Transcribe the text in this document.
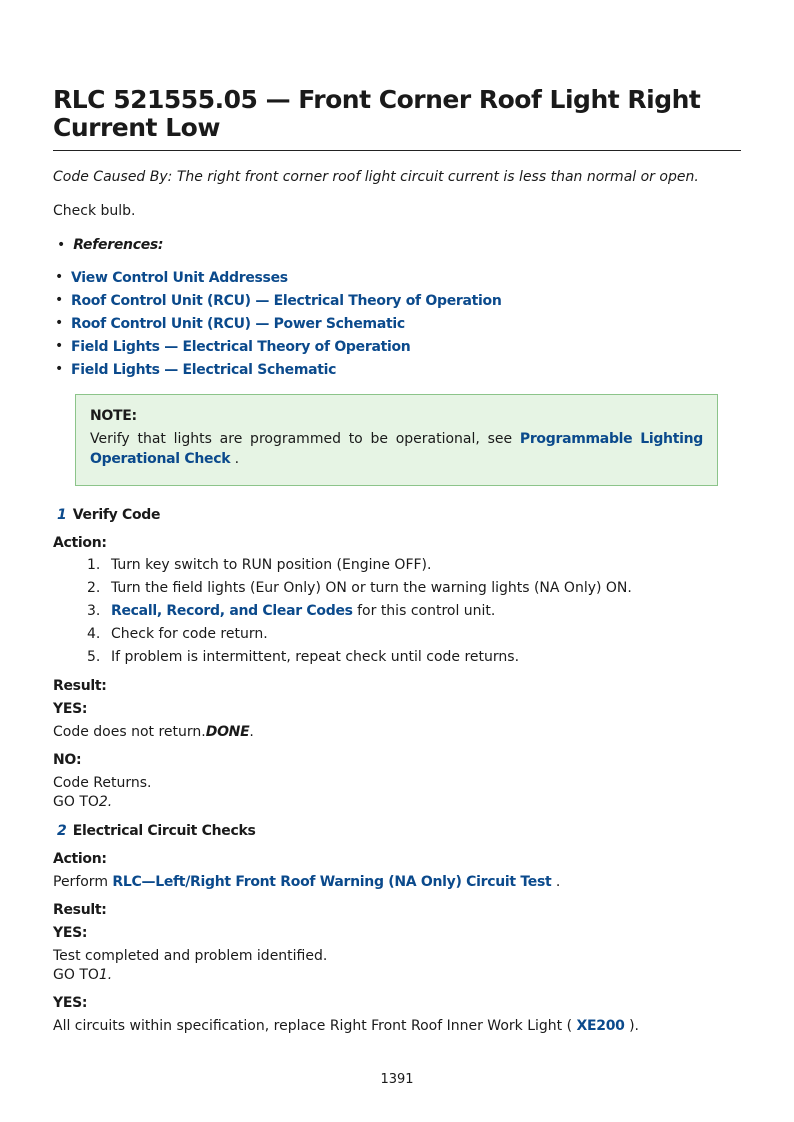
RLC 521555.05 — Front Corner Roof Light Right Current Low

Code Caused By: The right front corner roof light circuit current is less than normal or open.

Check bulb.

• References:

• View Control Unit Addresses
• Roof Control Unit (RCU) — Electrical Theory of Operation
• Roof Control Unit (RCU) — Power Schematic
• Field Lights — Electrical Theory of Operation
• Field Lights — Electrical Schematic
NOTE:
Verify that lights are programmed to be operational, see Programmable Lighting Operational Check .

1 Verify Code

Action:

1. Turn key switch to RUN position (Engine OFF).
2. Turn the field lights (Eur Only) ON or turn the warning lights (NA Only) ON.
3. Recall, Record, and Clear Codes for this control unit.
4. Check for code return.
5. If problem is intermittent, repeat check until code returns.

Result:

YES:

Code does not return.DONE.

NO:

Code Returns.

GO TO2.

2 Electrical Circuit Checks

Action:

Perform RLC—Left/Right Front Roof Warning (NA Only) Circuit Test .

Result:

YES:

Test completed and problem identified.

GO TO1.

YES:

All circuits within specification, replace Right Front Roof Inner Work Light ( XE200 ).

1391
